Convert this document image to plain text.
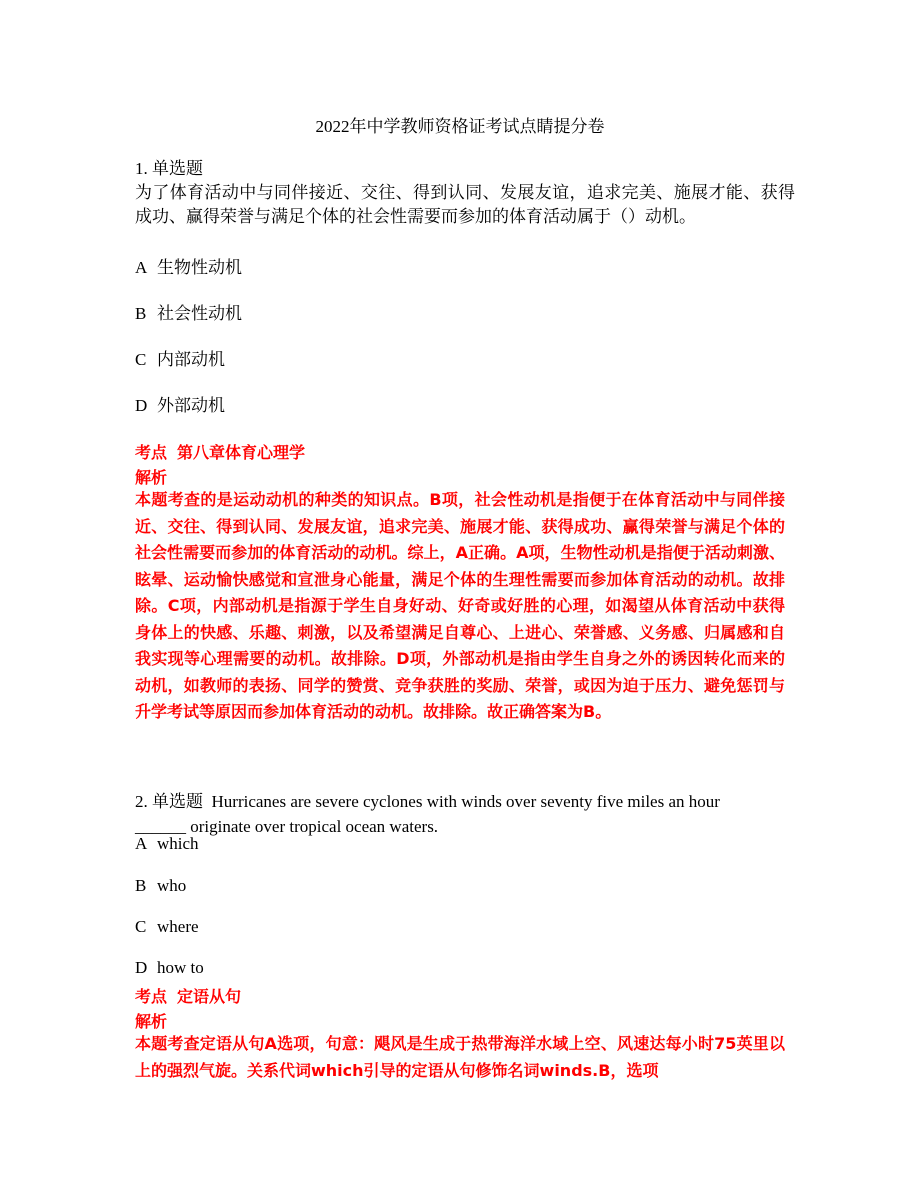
2022年中学教师资格证考试点睛提分卷
1. 单选题
为了体育活动中与同伴接近、交往、得到认同、发展友谊，追求完美、施展才能、获得成功、赢得荣誉与满足个体的社会性需要而参加的体育活动属于（）动机。
A 生物性动机
B 社会性动机
C 内部动机
D 外部动机
考点 第八章体育心理学
解析
本题考查的是运动动机的种类的知识点。B项，社会性动机是指便于在体育活动中与同伴接近、交往、得到认同、发展友谊，追求完美、施展才能、获得成功、赢得荣誉与满足个体的社会性需要而参加的体育活动的动机。综上，A正确。A项，生物性动机是指便于活动刺激、眩晕、运动愉快感觉和宣泄身心能量，满足个体的生理性需要而参加体育活动的动机。故排除。C项，内部动机是指源于学生自身好动、好奇或好胜的心理，如渴望从体育活动中获得身体上的快感、乐趣、刺激，以及希望满足自尊心、上进心、荣誉感、义务感、归属感和自我实现等心理需要的动机。故排除。D项，外部动机是指由学生自身之外的诱因转化而来的动机，如教师的表扬、同学的赞赏、竞争获胜的奖励、荣誉，或因为迫于压力、避免惩罚与升学考试等原因而参加体育活动的动机。故排除。故正确答案为B。
2. 单选题 Hurricanes are severe cyclones with winds over seventy five miles an hour
______ originate over tropical ocean waters.
A which
B who
C where
D how to
考点 定语从句
解析
本题考查定语从句A选项，句意：飓风是生成于热带海洋水域上空、风速达每小时75英里以上的强烈气旋。关系代词which引导的定语从句修饰名词winds.B，选项
